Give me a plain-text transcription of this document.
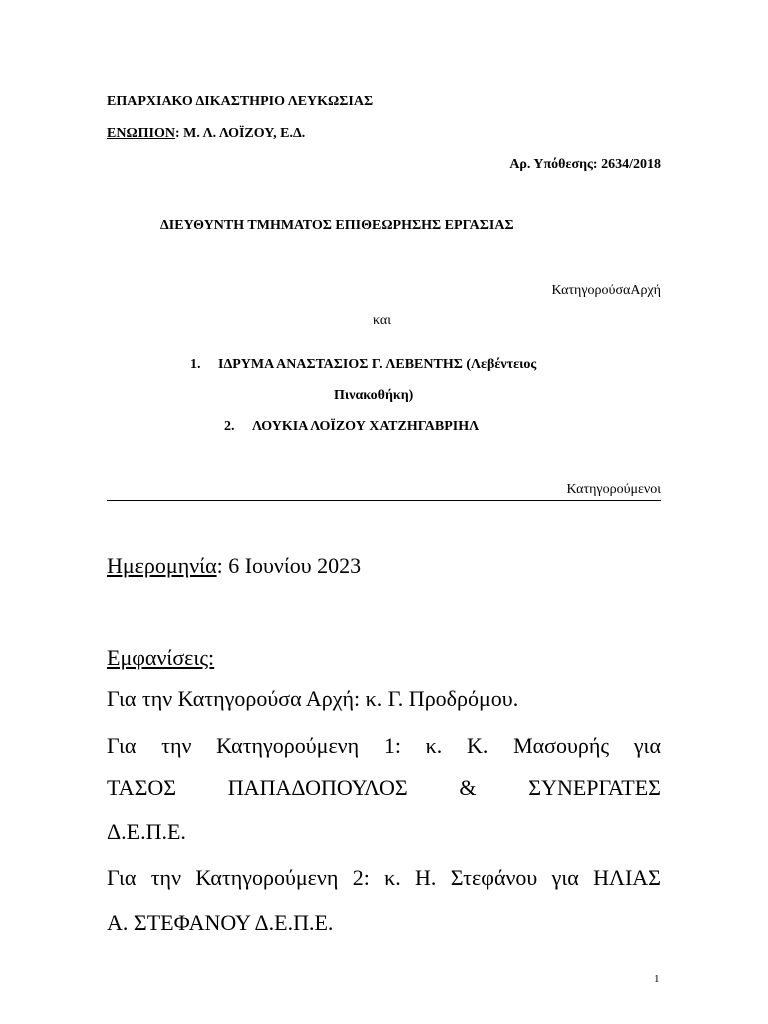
ΕΠΑΡΧΙΑΚΟ ΔΙΚΑΣΤΗΡΙΟ ΛΕΥΚΩΣΙΑΣ
ΕΝΩΠΙΟΝ: Μ. Λ. ΛΟΪΖΟΥ, Ε.Δ.
Αρ. Υπόθεσης: 2634/2018
ΔΙΕΥΘΥΝΤΗ ΤΜΗΜΑΤΟΣ ΕΠΙΘΕΩΡΗΣΗΣ ΕΡΓΑΣΙΑΣ
ΚατηγορούσαΑρχή
και
1. ΙΔΡΥΜΑ ΑΝΑΣΤΑΣΙΟΣ Γ. ΛΕΒΕΝΤΗΣ (Λεβέντειος
Πινακοθήκη)
2. ΛΟΥΚΙΑ ΛΟΪΖΟΥ ΧΑΤΖΗΓΑΒΡΙΗΛ
Κατηγορούμενοι
Ημερομηνία: 6 Ιουνίου 2023
Εμφανίσεις:
Για την Κατηγορούσα Αρχή: κ. Γ. Προδρόμου.
Για την Κατηγορούμενη 1: κ. Κ. Μασουρής για
ΤΑΣΟΣ ΠΑΠΑΔΟΠΟΥΛΟΣ & ΣΥΝΕΡΓΑΤΕΣ
Δ.Ε.Π.Ε.
Για την Κατηγορούμενη 2: κ. Η. Στεφάνου για ΗΛΙΑΣ
Α. ΣΤΕΦΑΝΟΥ Δ.Ε.Π.Ε.
1
